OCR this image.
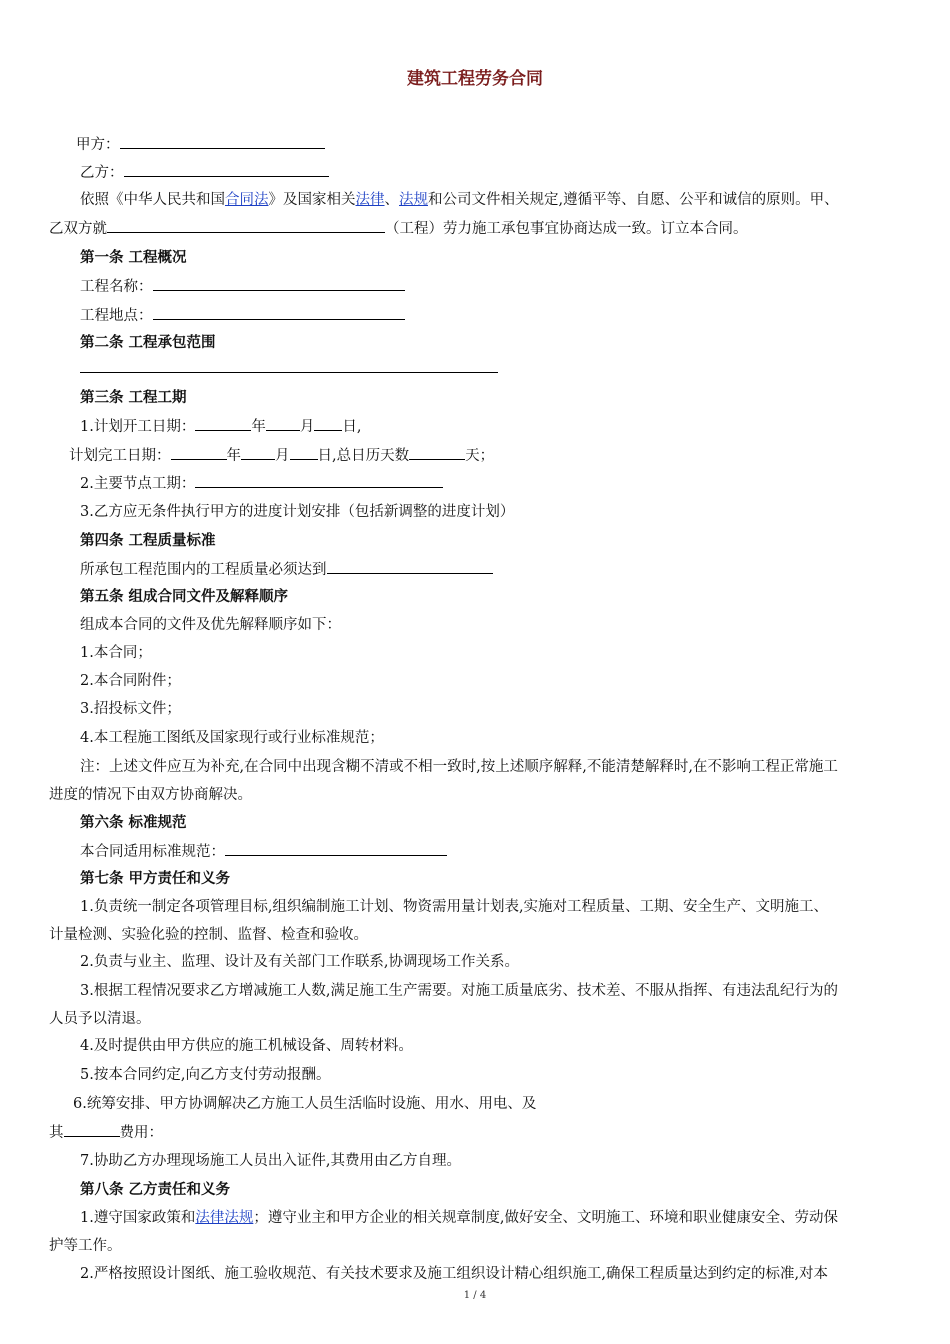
建筑工程劳务合同
甲方：
乙方：
依照《中华人民共和国合同法》及国家相关法律、法规和公司文件相关规定,遵循平等、自愿、公平和诚信的原则。甲、
乙双方就	（工程）劳力施工承包事宜协商达成一致。订立本合同。
第一条 工程概况
工程名称：
工程地点：
第二条 工程承包范围
第三条 工程工期
1.计划开工日期：	年 月 日,
计划完工日期：	年 月 日,总日历天数	天；
2.主要节点工期：
3.乙方应无条件执行甲方的进度计划安排（包括新调整的进度计划）
第四条 工程质量标准
所承包工程范围内的工程质量必须达到
第五条 组成合同文件及解释顺序
组成本合同的文件及优先解释顺序如下：
1.本合同；
2.本合同附件；
3.招投标文件；
4.本工程施工图纸及国家现行或行业标准规范；
注：上述文件应互为补充,在合同中出现含糊不清或不相一致时,按上述顺序解释,不能清楚解释时,在不影响工程正常施工
进度的情况下由双方协商解决。
第六条 标准规范
本合同适用标准规范：
第七条 甲方责任和义务
1.负责统一制定各项管理目标,组织编制施工计划、物资需用量计划表,实施对工程质量、工期、安全生产、文明施工、
计量检测、实验化验的控制、监督、检查和验收。
2.负责与业主、监理、设计及有关部门工作联系,协调现场工作关系。
3.根据工程情况要求乙方增减施工人数,满足施工生产需要。对施工质量底劣、技术差、不服从指挥、有违法乱纪行为的
人员予以清退。
4.及时提供由甲方供应的施工机械设备、周转材料。
5.按本合同约定,向乙方支付劳动报酬。
6.统筹安排、甲方协调解决乙方施工人员生活临时设施、用水、用电、及
其	费用：
7.协助乙方办理现场施工人员出入证件,其费用由乙方自理。
第八条 乙方责任和义务
1.遵守国家政策和法律法规；遵守业主和甲方企业的相关规章制度,做好安全、文明施工、环境和职业健康安全、劳动保
护等工作。
2.严格按照设计图纸、施工验收规范、有关技术要求及施工组织设计精心组织施工,确保工程质量达到约定的标准,对本
1 / 4
